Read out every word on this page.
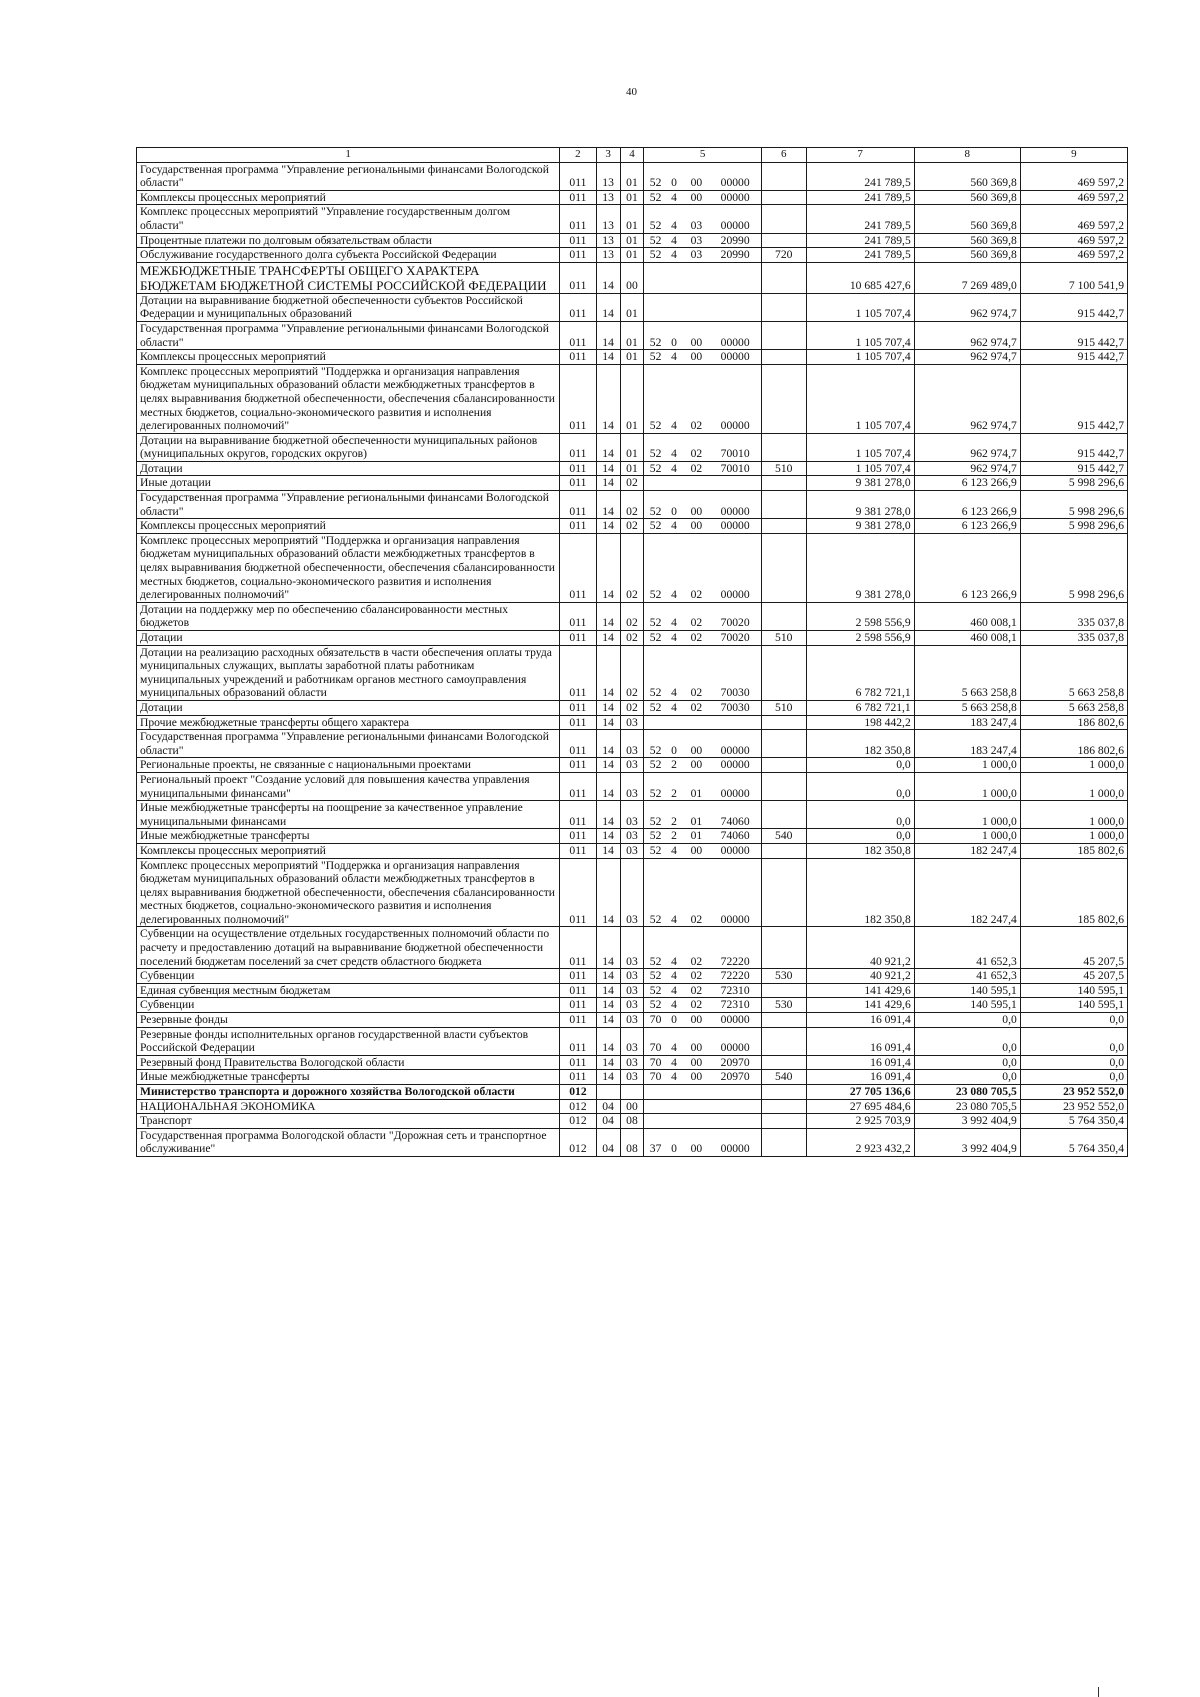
40
1	2	3	4	5				6	7	8	9
Государственная программа "Управление региональными финансами Вологодской области"	011	13	01	52	0	00	00000		241 789,5	560 369,8	469 597,2
Комплексы процессных мероприятий	011	13	01	52	4	00	00000		241 789,5	560 369,8	469 597,2
Комплекс процессных мероприятий "Управление государственным долгом области"	011	13	01	52	4	03	00000		241 789,5	560 369,8	469 597,2
Процентные платежи по долговым обязательствам области	011	13	01	52	4	03	20990		241 789,5	560 369,8	469 597,2
Обслуживание государственного долга субъекта Российской Федерации	011	13	01	52	4	03	20990	720	241 789,5	560 369,8	469 597,2
МЕЖБЮДЖЕТНЫЕ ТРАНСФЕРТЫ ОБЩЕГО ХАРАКТЕРА БЮДЖЕТАМ БЮДЖЕТНОЙ СИСТЕМЫ РОССИЙСКОЙ ФЕДЕРАЦИИ	011	14	00						10 685 427,6	7 269 489,0	7 100 541,9
Дотации на выравнивание бюджетной обеспеченности субъектов Российской Федерации и муниципальных образований	011	14	01						1 105 707,4	962 974,7	915 442,7
Государственная программа "Управление региональными финансами Вологодской области"	011	14	01	52	0	00	00000		1 105 707,4	962 974,7	915 442,7
Комплексы процессных мероприятий	011	14	01	52	4	00	00000		1 105 707,4	962 974,7	915 442,7
Комплекс процессных мероприятий "Поддержка и организация направления бюджетам муниципальных образований области межбюджетных трансфертов в целях выравнивания бюджетной обеспеченности, обеспечения сбалансированности местных бюджетов, социально-экономического развития и исполнения делегированных полномочий"	011	14	01	52	4	02	00000		1 105 707,4	962 974,7	915 442,7
Дотации на выравнивание бюджетной обеспеченности муниципальных районов (муниципальных округов, городских округов)	011	14	01	52	4	02	70010		1 105 707,4	962 974,7	915 442,7
Дотации	011	14	01	52	4	02	70010	510	1 105 707,4	962 974,7	915 442,7
Иные дотации	011	14	02						9 381 278,0	6 123 266,9	5 998 296,6
Государственная программа "Управление региональными финансами Вологодской области"	011	14	02	52	0	00	00000		9 381 278,0	6 123 266,9	5 998 296,6
Комплексы процессных мероприятий	011	14	02	52	4	00	00000		9 381 278,0	6 123 266,9	5 998 296,6
Комплекс процессных мероприятий "Поддержка и организация направления бюджетам муниципальных образований области межбюджетных трансфертов в целях выравнивания бюджетной обеспеченности, обеспечения сбалансированности местных бюджетов, социально-экономического развития и исполнения делегированных полномочий"	011	14	02	52	4	02	00000		9 381 278,0	6 123 266,9	5 998 296,6
Дотации на поддержку мер по обеспечению сбалансированности местных бюджетов	011	14	02	52	4	02	70020		2 598 556,9	460 008,1	335 037,8
Дотации	011	14	02	52	4	02	70020	510	2 598 556,9	460 008,1	335 037,8
Дотации на реализацию расходных обязательств в части обеспечения оплаты труда муниципальных служащих, выплаты заработной платы работникам муниципальных учреждений и работникам органов местного самоуправления муниципальных образований области	011	14	02	52	4	02	70030		6 782 721,1	5 663 258,8	5 663 258,8
Дотации	011	14	02	52	4	02	70030	510	6 782 721,1	5 663 258,8	5 663 258,8
Прочие межбюджетные трансферты общего характера	011	14	03						198 442,2	183 247,4	186 802,6
Государственная программа "Управление региональными финансами Вологодской области"	011	14	03	52	0	00	00000		182 350,8	183 247,4	186 802,6
Региональные проекты, не связанные с национальными проектами	011	14	03	52	2	00	00000		0,0	1 000,0	1 000,0
Региональный проект "Создание условий для повышения качества управления муниципальными финансами"	011	14	03	52	2	01	00000		0,0	1 000,0	1 000,0
Иные межбюджетные трансферты на поощрение за качественное управление муниципальными финансами	011	14	03	52	2	01	74060		0,0	1 000,0	1 000,0
Иные межбюджетные трансферты	011	14	03	52	2	01	74060	540	0,0	1 000,0	1 000,0
Комплексы процессных мероприятий	011	14	03	52	4	00	00000		182 350,8	182 247,4	185 802,6
Комплекс процессных мероприятий "Поддержка и организация направления бюджетам муниципальных образований области межбюджетных трансфертов в целях выравнивания бюджетной обеспеченности, обеспечения сбалансированности местных бюджетов, социально-экономического развития и исполнения делегированных полномочий"	011	14	03	52	4	02	00000		182 350,8	182 247,4	185 802,6
Субвенции на осуществление отдельных государственных полномочий области по расчету и предоставлению дотаций на выравнивание бюджетной обеспеченности поселений бюджетам поселений за счет средств областного бюджета	011	14	03	52	4	02	72220		40 921,2	41 652,3	45 207,5
Субвенции	011	14	03	52	4	02	72220	530	40 921,2	41 652,3	45 207,5
Единая субвенция местным бюджетам	011	14	03	52	4	02	72310		141 429,6	140 595,1	140 595,1
Субвенции	011	14	03	52	4	02	72310	530	141 429,6	140 595,1	140 595,1
Резервные фонды	011	14	03	70	0	00	00000		16 091,4	0,0	0,0
Резервные фонды исполнительных органов государственной власти субъектов Российской Федерации	011	14	03	70	4	00	00000		16 091,4	0,0	0,0
Резервный фонд Правительства Вологодской области	011	14	03	70	4	00	20970		16 091,4	0,0	0,0
Иные межбюджетные трансферты	011	14	03	70	4	00	20970	540	16 091,4	0,0	0,0
Министерство транспорта и дорожного хозяйства Вологодской области	012								27 705 136,6	23 080 705,5	23 952 552,0
НАЦИОНАЛЬНАЯ ЭКОНОМИКА	012	04	00						27 695 484,6	23 080 705,5	23 952 552,0
Транспорт	012	04	08						2 925 703,9	3 992 404,9	5 764 350,4
Государственная программа Вологодской области "Дорожная сеть и транспортное обслуживание"	012	04	08	37	0	00	00000		2 923 432,2	3 992 404,9	5 764 350,4
